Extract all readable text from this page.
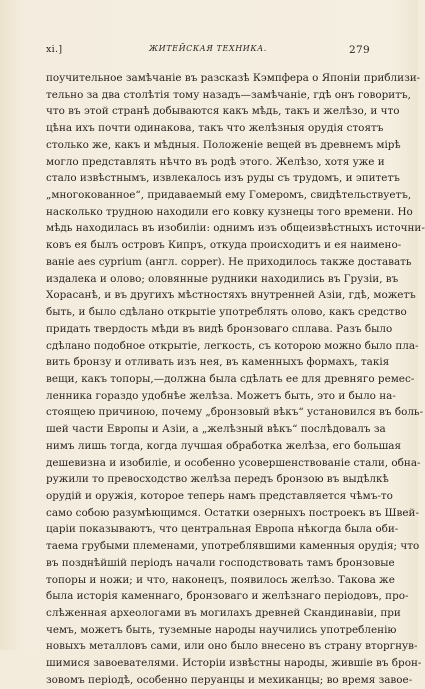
xi.]	ЖИТЕЙСКАЯ ТЕХНИКА.	279
поучительное замѣчаніе въ разсказѣ Кэмпфера о Японіи приблизи-
тельно за два столѣтія тому назадъ—замѣчаніе, гдѣ онъ говоритъ,
что въ этой странѣ добываются какъ мѣдь, такъ и желѣзо, и что
цѣна ихъ почти одинакова, такъ что желѣзныя орудія стоятъ
столько же, какъ и мѣдныя. Положеніе вещей въ древнемъ мірѣ
могло представлять нѣчто въ родѣ этого. Желѣзо, хотя уже и
стало извѣстнымъ, извлекалось изъ руды съ трудомъ, и эпитетъ
„многокованное“, придаваемый ему Гомеромъ, свидѣтельствуетъ,
насколько трудною находили его ковку кузнецы того времени. Но
мѣдь находилась въ изобиліи: однимъ изъ общеизвѣстныхъ источни-
ковъ ея былъ островъ Кипръ, откуда происходитъ и ея наимено-
ваніе aes cyprium (англ. copper). Не приходилось также доставать
издалека и олово; оловянные рудники находились въ Грузіи, въ
Хорасанѣ, и въ другихъ мѣстностяхъ внутренней Азіи, гдѣ, можетъ
быть, и было сдѣлано открытіе употреблять олово, какъ средство
придать твердость мѣди въ видѣ бронзоваго сплава. Разъ было
сдѣлано подобное открытіе, легкость, съ которою можно было пла-
вить бронзу и отливать изъ нея, въ каменныхъ формахъ, такія
вещи, какъ топоры,—должна была сдѣлать ее для древняго ремес-
ленника гораздо удобнѣе желѣза. Можетъ быть, это и было на-
стоящею причиною, почему „бронзовый вѣкъ“ установился въ боль-
шей части Европы и Азіи, а „желѣзный вѣкъ“ послѣдовалъ за
нимъ лишь тогда, когда лучшая обработка желѣза, его большая
дешевизна и изобиліе, и особенно усовершенствованіе стали, обна-
ружили то превосходство желѣза передъ бронзою въ выдѣлкѣ
орудій и оружія, которое теперь намъ представляется чѣмъ-то
само собою разумѣющимся. Остатки озерныхъ построекъ въ Швей-
царіи показываютъ, что центральная Европа нѣкогда была оби-
таема грубыми племенами, употреблявшими каменныя орудія; что
въ позднѣйшій періодъ начали господствовать тамъ бронзовые
топоры и ножи; и что, наконецъ, появилось желѣзо. Такова же
была исторія каменнаго, бронзоваго и желѣзнаго періодовъ, про-
слѣженная археологами въ могилахъ древней Скандинавіи, при
чемъ, можетъ быть, туземные народы научились употребленію
новыхъ металловъ сами, или оно было внесено въ страну вторгнув-
шимися завоевателями. Исторіи извѣстны народы, жившіе въ брон-
зовомъ періодѣ, особенно перуанцы и мехиканцы; во время завое-
